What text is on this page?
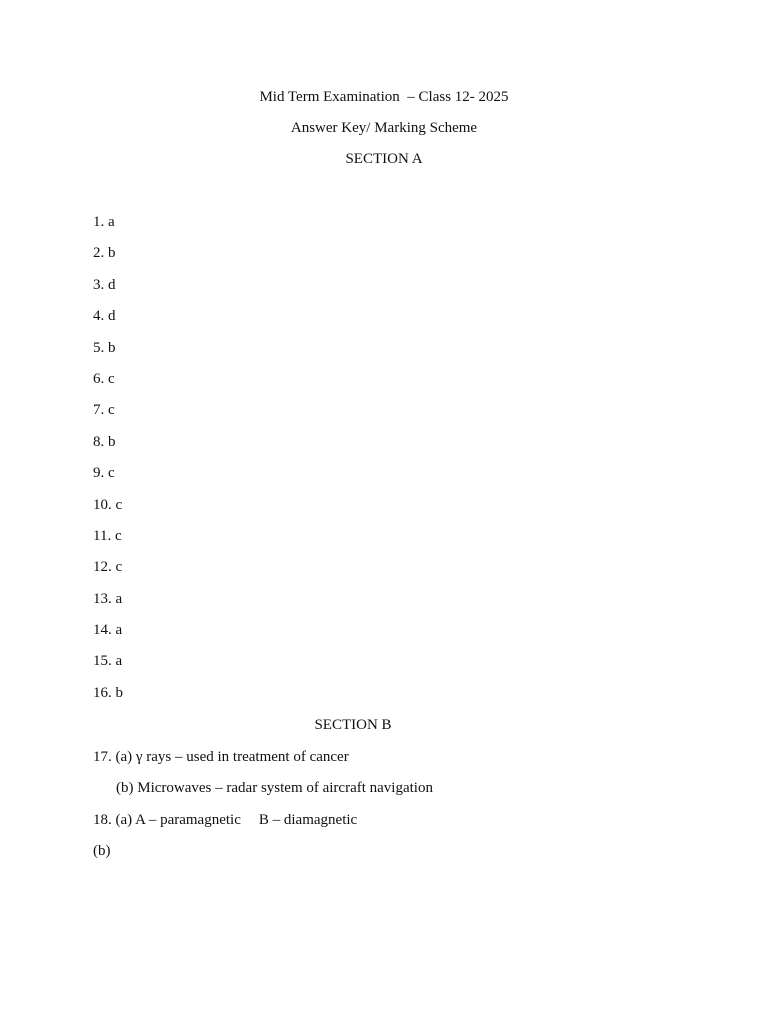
Mid Term Examination  – Class 12- 2025
Answer Key/ Marking Scheme
SECTION A
1. a
2. b
3. d
4. d
5. b
6. c
7. c
8. b
9. c
10. c
11. c
12. c
13. a
14. a
15. a
16. b
SECTION B
17. (a) γ rays – used in treatment of cancer
(b) Microwaves – radar system of aircraft navigation
18. (a) A – paramagnetic B – diamagnetic
(b)
